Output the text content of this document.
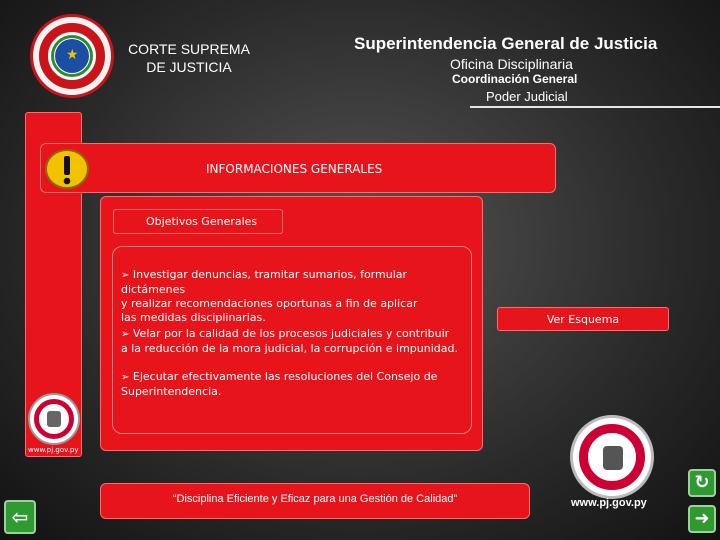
★	CORTE SUPREMA
DE JUSTICIA
Superintendencia General de Justicia
Oficina Disciplinaria
Coordinación General
Poder Judicial
INFORMACIONES GENERALES
Objetivos Generales
➢ Investigar denuncias, tramitar sumarios, formular dictámenes
y realizar recomendaciones oportunas a fin de aplicar
las medidas disciplinarias.
➢ Velar por la calidad de los procesos judiciales y contribuir
a la reducción de la mora judicial, la corrupción e impunidad.
➢ Ejecutar efectivamente las resoluciones del Consejo de
Superintendencia.
Ver Esquema
“Disciplina Eficiente y Eficaz para una Gestión de Calidad”
www.pj.gov.py
www.pj.gov.py
↻
➜
⇦
